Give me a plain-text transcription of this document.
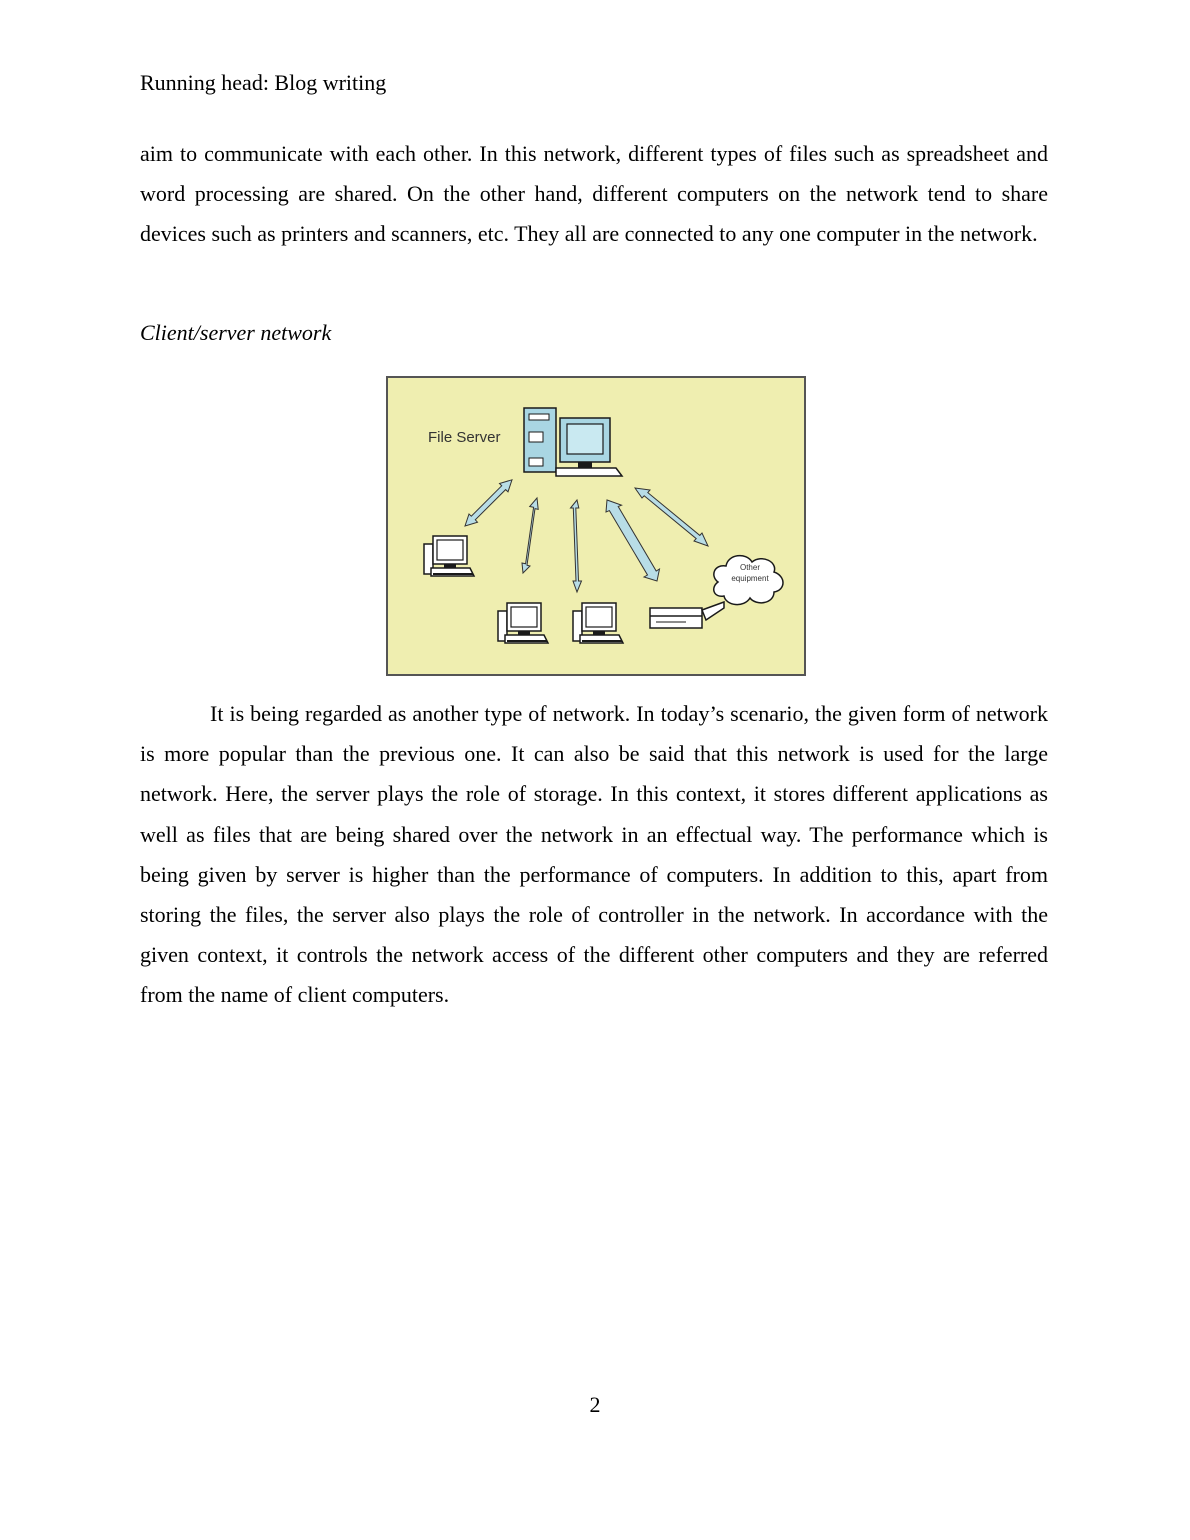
Running head: Blog writing

aim to communicate with each other. In this network, different types of files such as spreadsheet and word processing are shared. On the other hand, different computers on the network tend to share devices such as printers and scanners, etc. They all are connected to any one computer in the network.

Client/server network
File Server
Other
equipment

It is being regarded as another type of network. In today’s scenario, the given form of network is more popular than the previous one. It can also be said that this network is used for the large network. Here, the server plays the role of storage. In this context, it stores different applications as well as files that are being shared over the network in an effectual way. The performance which is being given by server is higher than the performance of computers. In addition to this, apart from storing the files, the server also plays the role of controller in the network. In accordance with the given context, it controls the network access of the different other computers and they are referred from the name of client computers.

2
